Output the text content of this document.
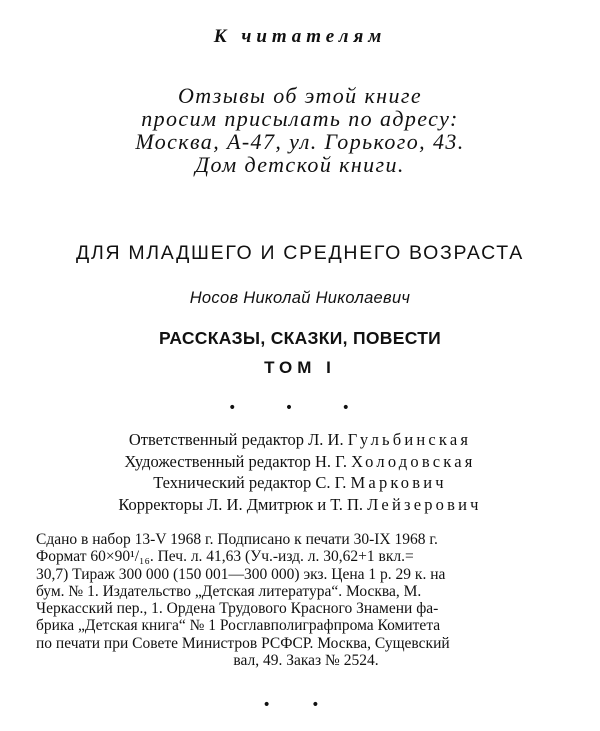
К читателям
Отзывы об этой книге
просим присылать по адресу:
Москва, А-47, ул. Горького, 43.
Дом детской книги.
ДЛЯ МЛАДШЕГО И СРЕДНЕГО ВОЗРАСТА
Носов Николай Николаевич
РАССКАЗЫ, СКАЗКИ, ПОВЕСТИ
ТОМ I
• • •
Ответственный редактор Л. И. Гульбинская
Художественный редактор Н. Г. Холодовская
Технический редактор С. Г. Маркович
Корректоры Л. И. Дмитрюк и Т. П. Лейзерович
Сдано в набор 13-V 1968 г. Подписано к печати 30-IX 1968 г.
Формат 60×90¹/₁₆. Печ. л. 41,63 (Уч.-изд. л. 30,62+1 вкл.=
30,7) Тираж 300 000 (150 001—300 000) экз. Цена 1 р. 29 к. на
бум. № 1. Издательство „Детская литература“. Москва, М.
Черкасский пер., 1. Ордена Трудового Красного Знамени фа-
брика „Детская книга“ № 1 Росглавполиграфпрома Комитета
по печати при Совете Министров РСФСР. Москва, Сущевский
вал, 49. Заказ № 2524.
• •
